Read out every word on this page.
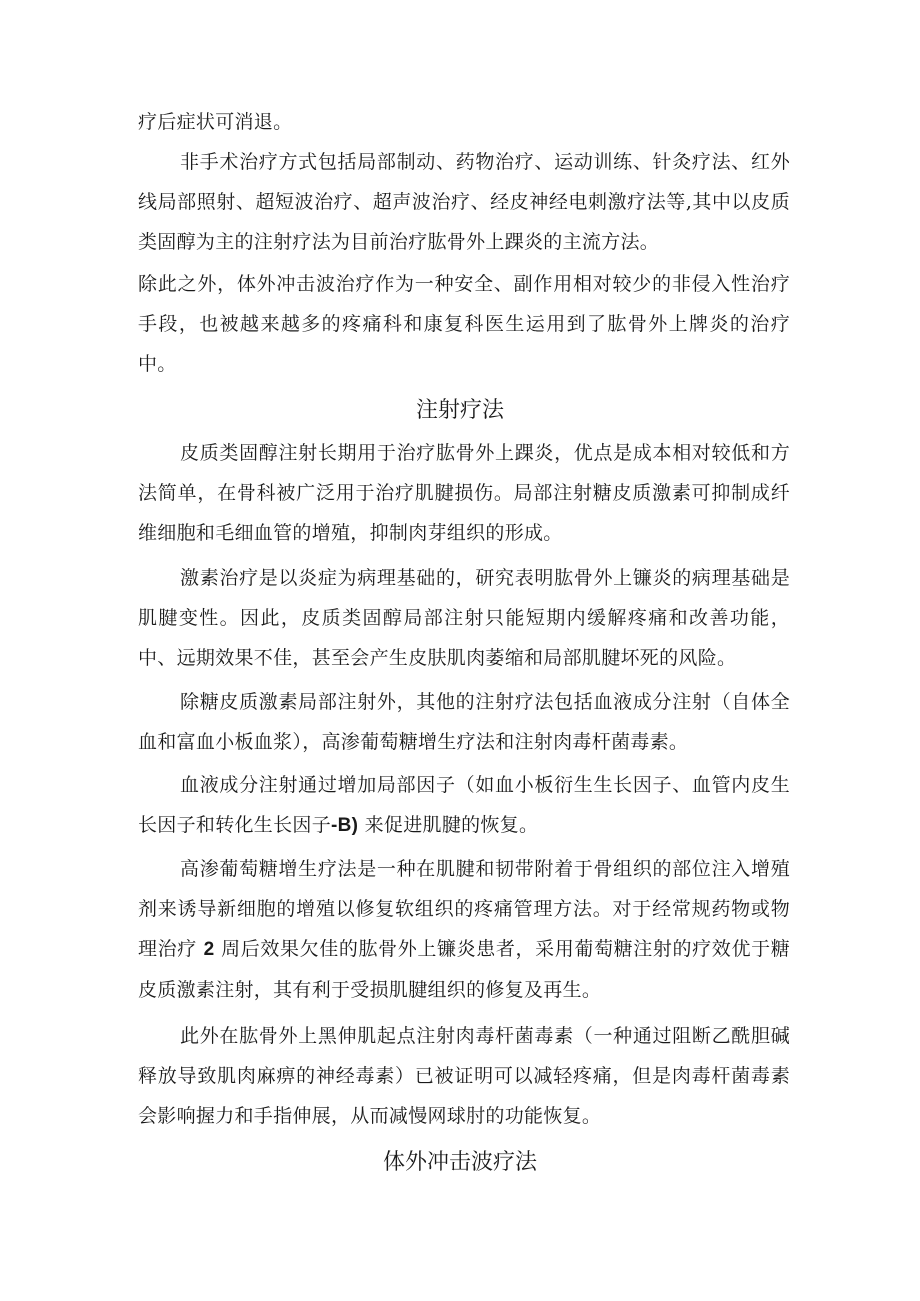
疗后症状可消退。

非手术治疗方式包括局部制动、药物治疗、运动训练、针灸疗法、红外线局部照射、超短波治疗、超声波治疗、经皮神经电刺激疗法等,其中以皮质类固醇为主的注射疗法为目前治疗肱骨外上踝炎的主流方法。

除此之外，体外冲击波治疗作为一种安全、副作用相对较少的非侵入性治疗手段，也被越来越多的疼痛科和康复科医生运用到了肱骨外上牌炎的治疗中。

注射疗法

皮质类固醇注射长期用于治疗肱骨外上踝炎，优点是成本相对较低和方法简单，在骨科被广泛用于治疗肌腱损伤。局部注射糖皮质激素可抑制成纤维细胞和毛细血管的增殖，抑制肉芽组织的形成。

激素治疗是以炎症为病理基础的，研究表明肱骨外上镰炎的病理基础是肌腱变性。因此，皮质类固醇局部注射只能短期内缓解疼痛和改善功能，中、远期效果不佳，甚至会产生皮肤肌肉萎缩和局部肌腱坏死的风险。

除糖皮质激素局部注射外，其他的注射疗法包括血液成分注射（自体全血和富血小板血浆），高渗葡萄糖增生疗法和注射肉毒杆菌毒素。

血液成分注射通过增加局部因子（如血小板衍生生长因子、血管内皮生长因子和转化生长因子-B) 来促进肌腱的恢复。

高渗葡萄糖增生疗法是一种在肌腱和韧带附着于骨组织的部位注入增殖剂来诱导新细胞的增殖以修复软组织的疼痛管理方法。对于经常规药物或物理治疗 2 周后效果欠佳的肱骨外上镰炎患者，采用葡萄糖注射的疗效优于糖皮质激素注射，其有利于受损肌腱组织的修复及再生。

此外在肱骨外上黑伸肌起点注射肉毒杆菌毒素（一种通过阻断乙酰胆碱释放导致肌肉麻痹的神经毒素）已被证明可以减轻疼痛，但是肉毒杆菌毒素会影响握力和手指伸展，从而减慢网球肘的功能恢复。

体外冲击波疗法
